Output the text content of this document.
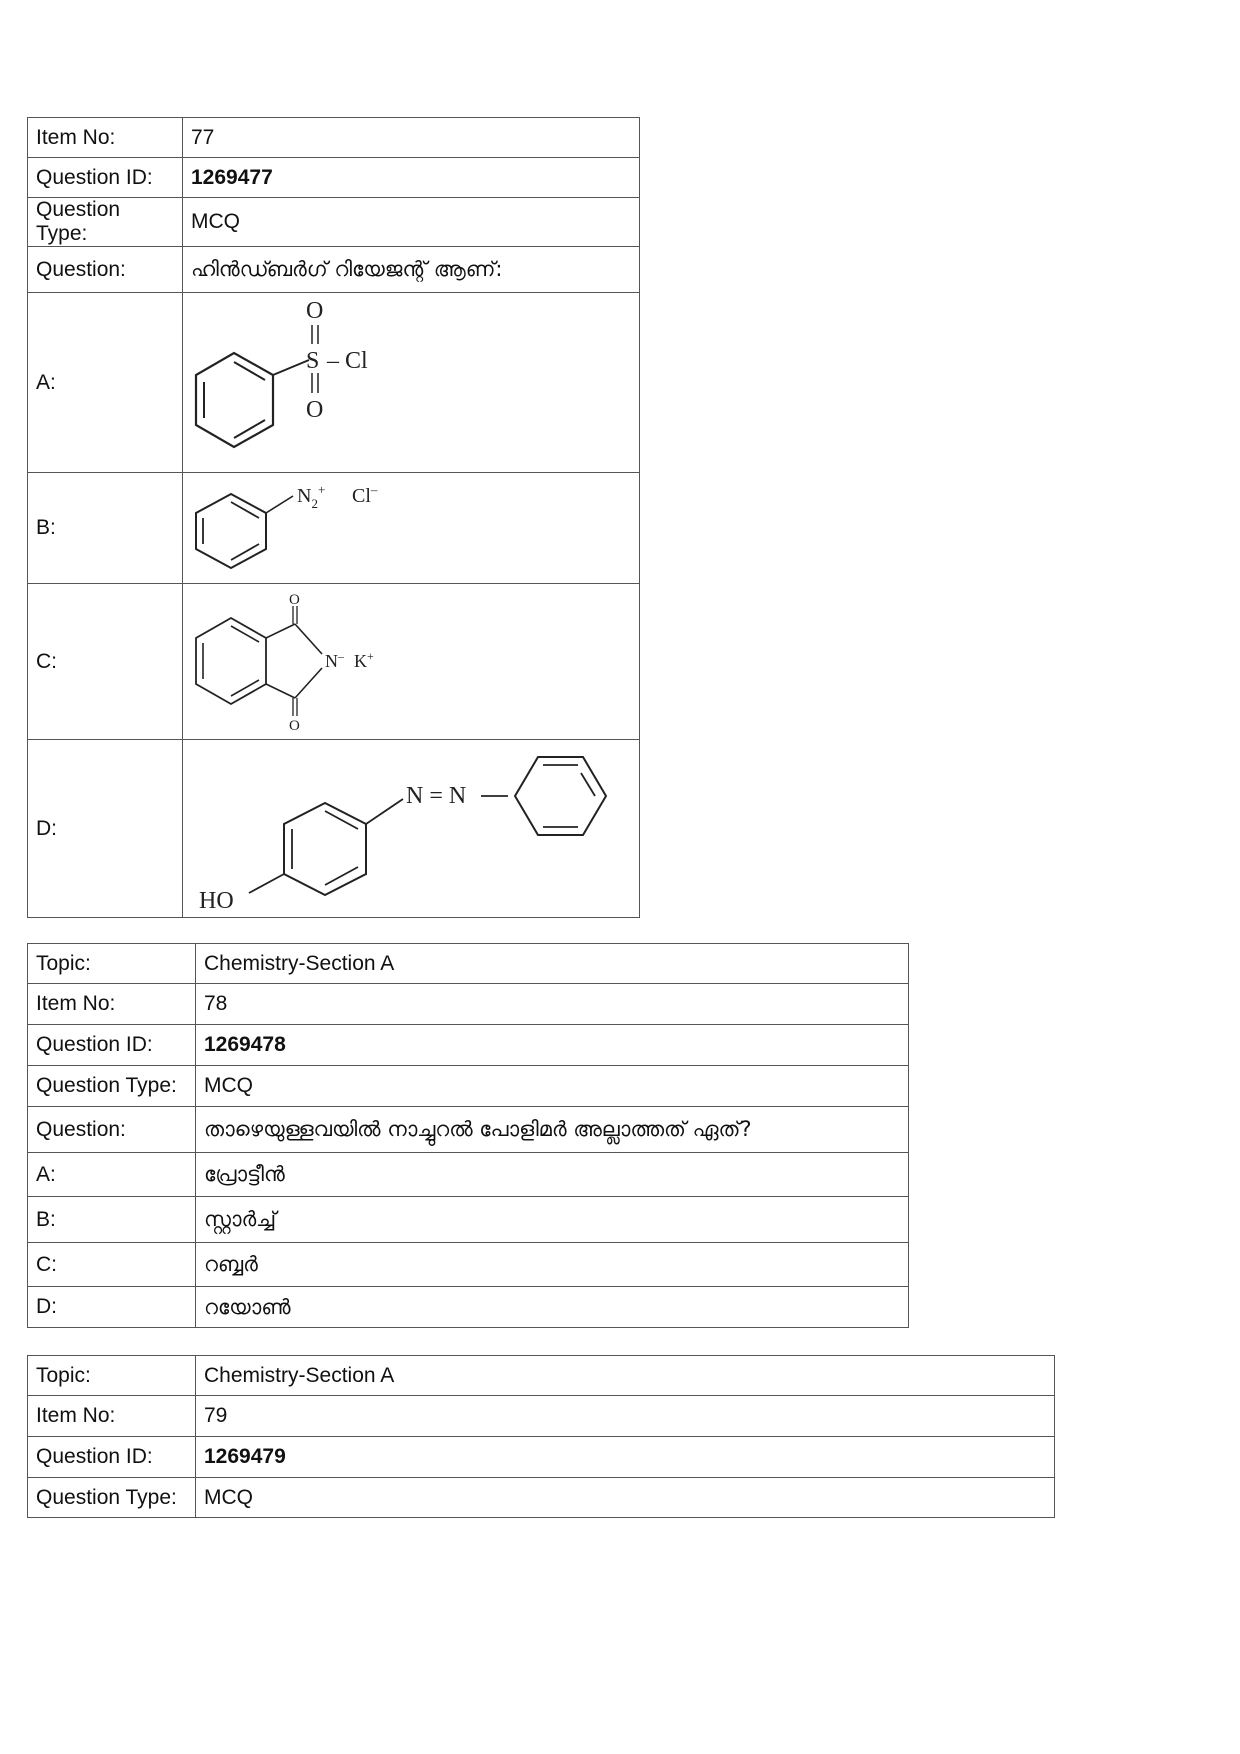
Item No:	77
Question ID:	1269477
Question Type:	MCQ
Question:	ഹിൻഡ്ബർഗ് റിയേജന്റ് ആണ്:
A:	O
S – Cl
O

B:	$N_2^+$ Cl–

C:	O
O
N– K+

D:	N = N
HO
Topic:	Chemistry-Section A
Item No:	78
Question ID:	1269478
Question Type:	MCQ
Question:	താഴെയുള്ളവയിൽ നാച്ചുറൽ പോളിമർ അല്ലാത്തത് ഏത്?
A:	പ്രോട്ടീൻ
B:	സ്റ്റാർച്ച്
C:	റബ്ബർ
D:	റയോൺ
Topic:	Chemistry-Section A
Item No:	79
Question ID:	1269479
Question Type:	MCQ
